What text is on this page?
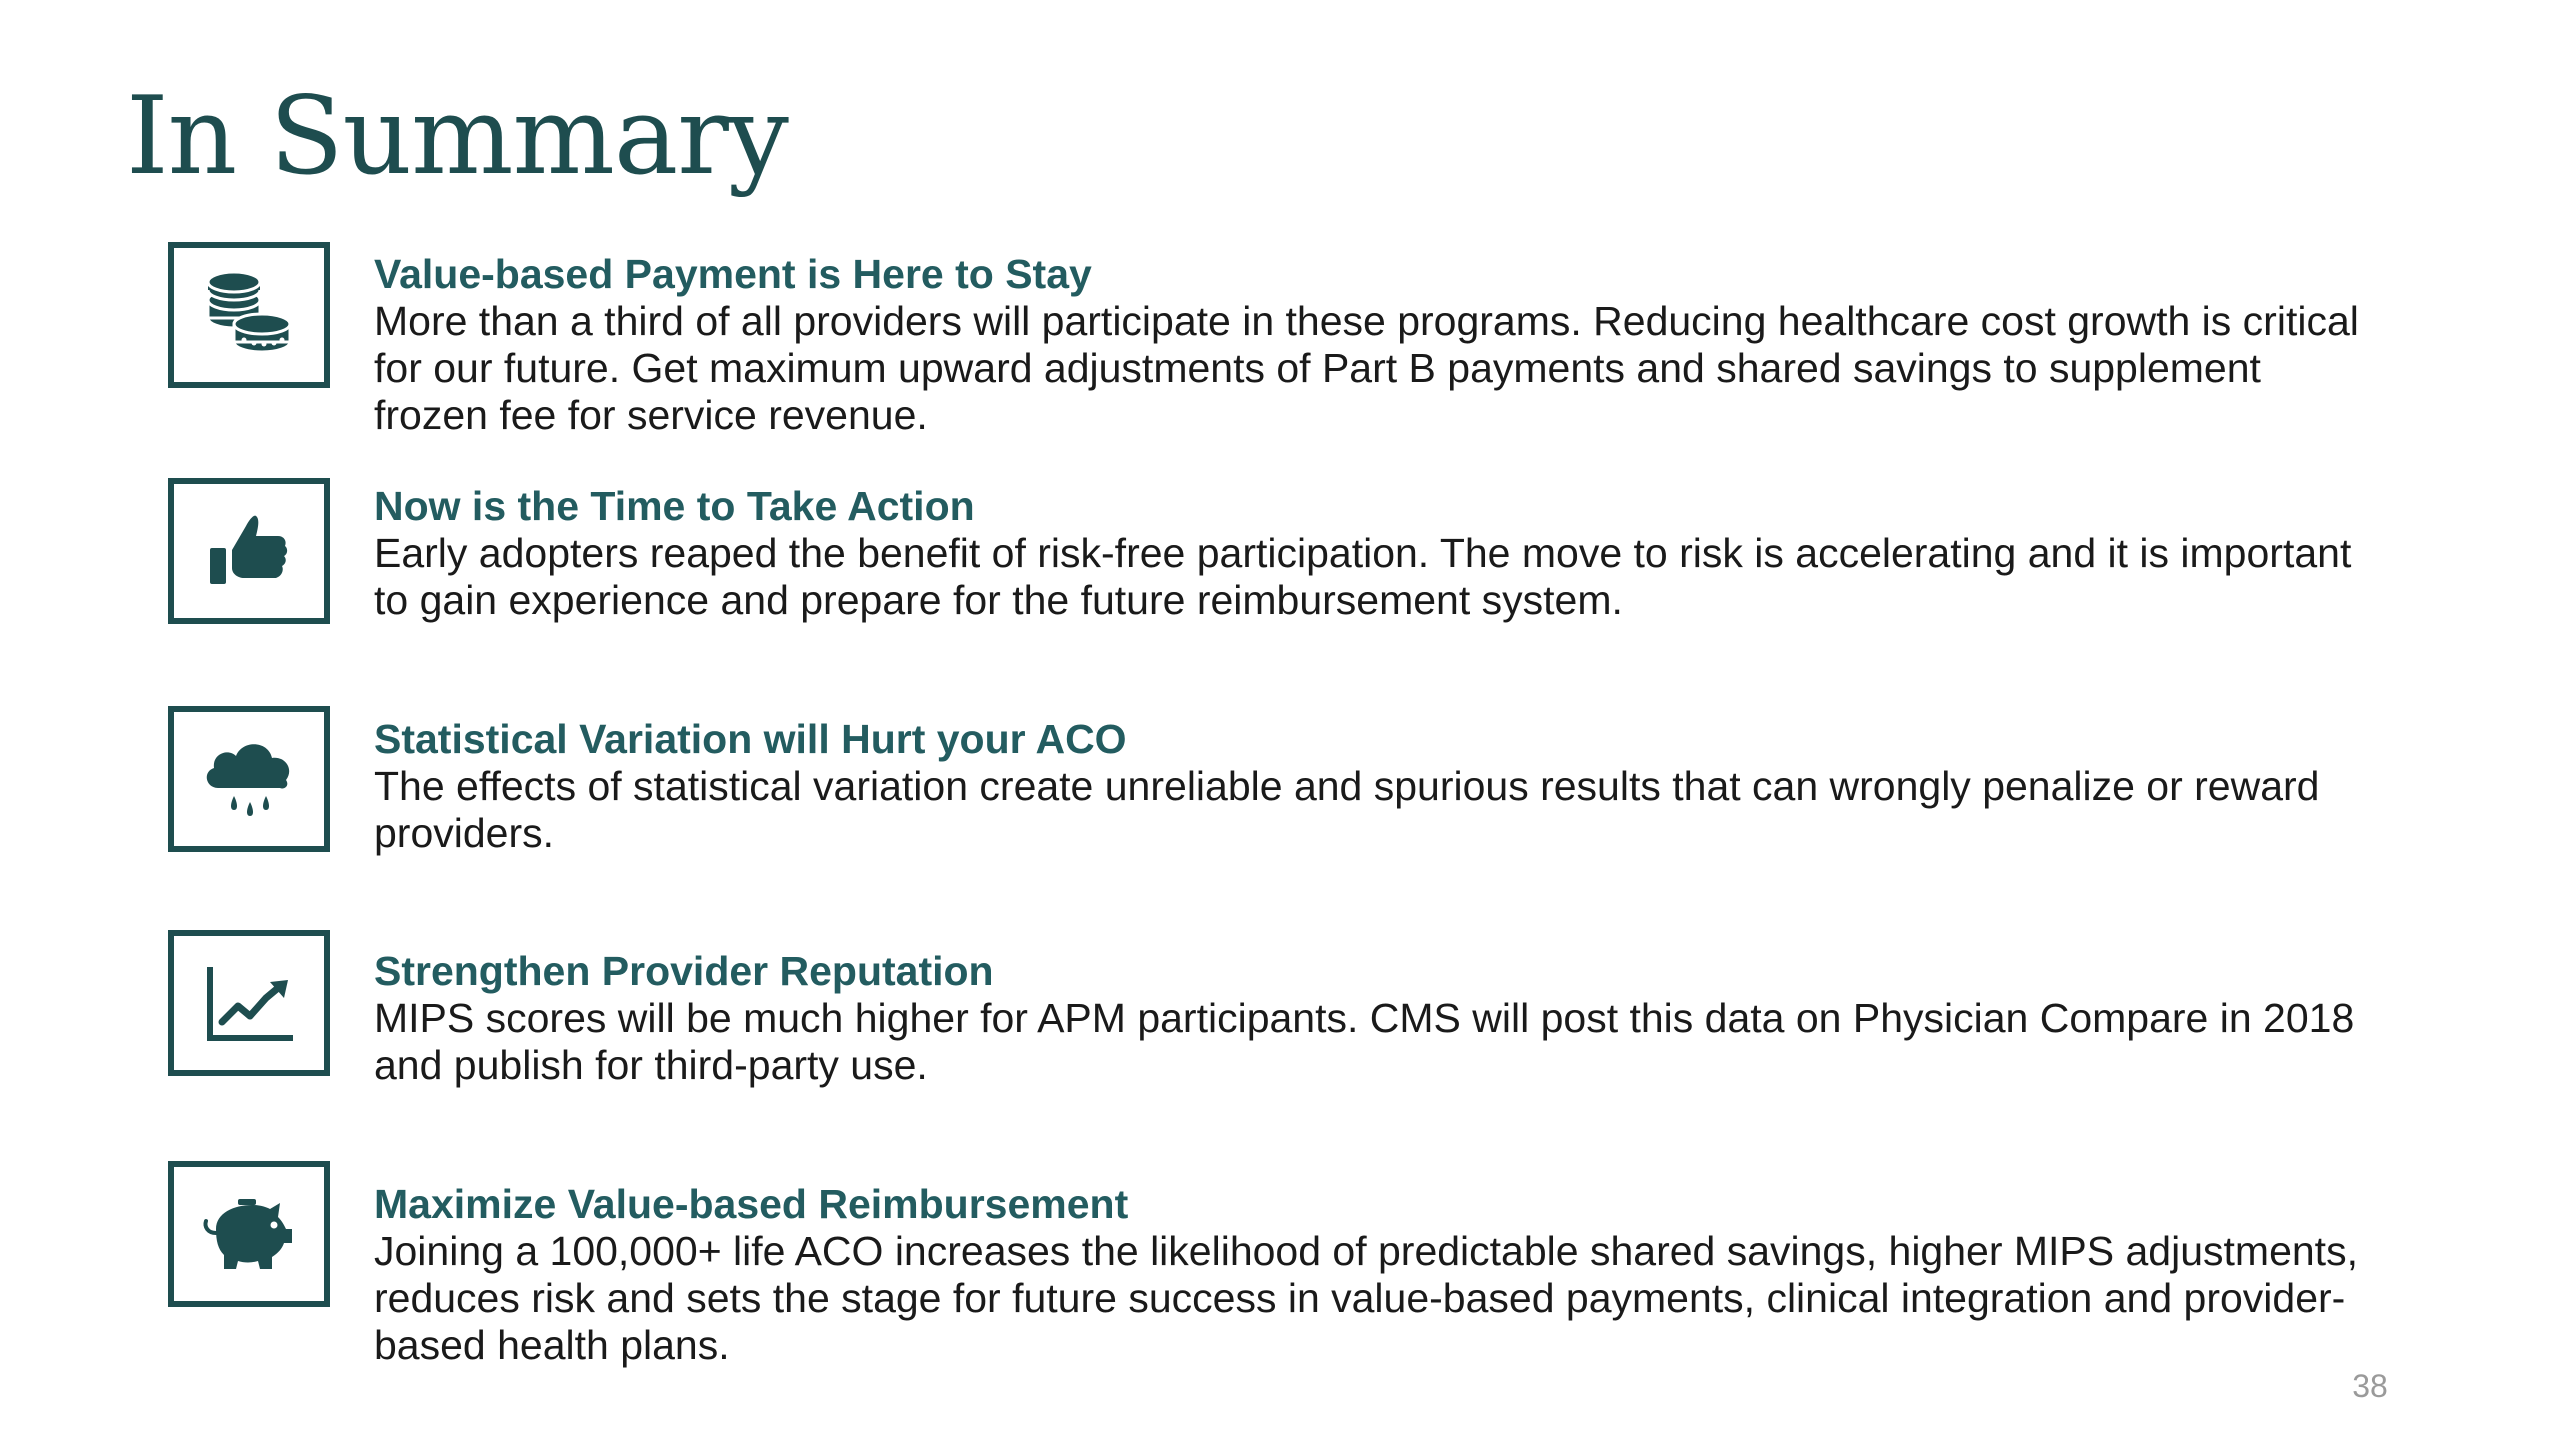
In Summary

Value-based Payment is Here to Stay

More than a third of all providers will participate in these programs. Reducing healthcare cost growth is critical

for our future. Get maximum upward adjustments of Part B payments and shared savings to supplement

frozen fee for service revenue.

Now is the Time to Take Action

Early adopters reaped the benefit of risk-free participation. The move to risk is accelerating and it is important

to gain experience and prepare for the future reimbursement system.

Statistical Variation will Hurt your ACO

The effects of statistical variation create unreliable and spurious results that can wrongly penalize or reward

providers.

Strengthen Provider Reputation

MIPS scores will be much higher for APM participants. CMS will post this data on Physician Compare in 2018

and publish for third-party use.

Maximize Value-based Reimbursement

Joining a 100,000+ life ACO increases the likelihood of predictable shared savings, higher MIPS adjustments,

reduces risk and sets the stage for future success in value-based payments, clinical integration and provider-

based health plans.

38
